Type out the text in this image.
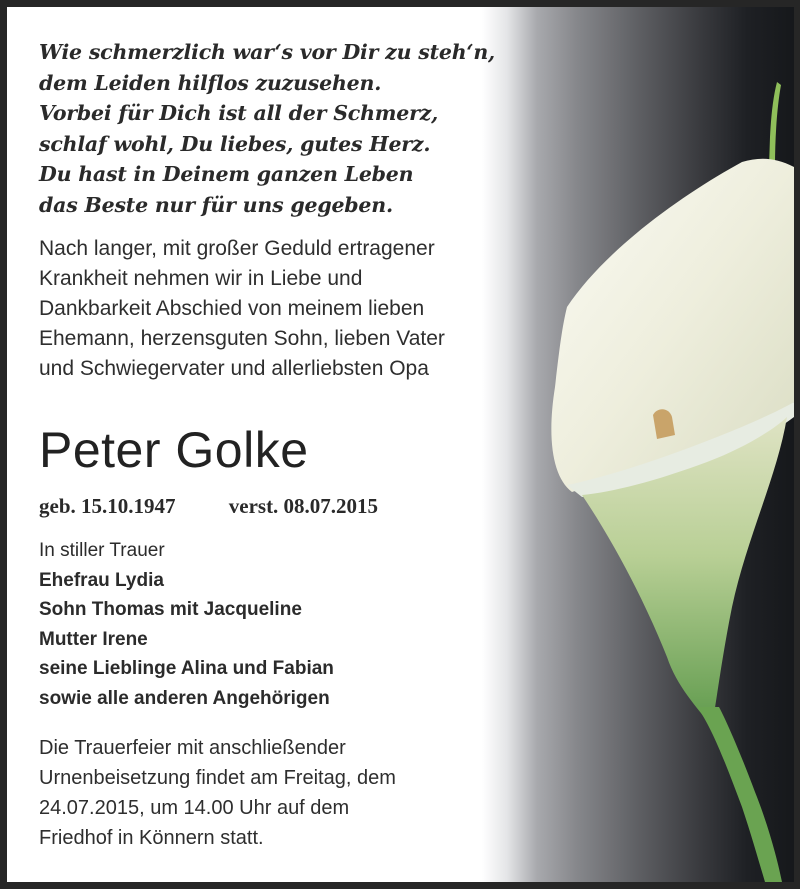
Wie schmerzlich war‘s vor Dir zu steh‘n,
dem Leiden hilflos zuzusehen.
Vorbei für Dich ist all der Schmerz,
schlaf wohl, Du liebes, gutes Herz.
Du hast in Deinem ganzen Leben
das Beste nur für uns gegeben.
Nach langer, mit großer Geduld ertragener
Krankheit nehmen wir in Liebe und
Dankbarkeit Abschied von meinem lieben
Ehemann, herzensguten Sohn, lieben Vater
und Schwiegervater und allerliebsten Opa
Peter Golke
geb. 15.10.1947	verst. 08.07.2015
In stiller Trauer
Ehefrau Lydia
Sohn Thomas mit Jacqueline
Mutter Irene
seine Lieblinge Alina und Fabian
sowie alle anderen Angehörigen
Die Trauerfeier mit anschließender
Urnenbeisetzung findet am Freitag, dem
24.07.2015, um 14.00 Uhr auf dem
Friedhof in Könnern statt.
